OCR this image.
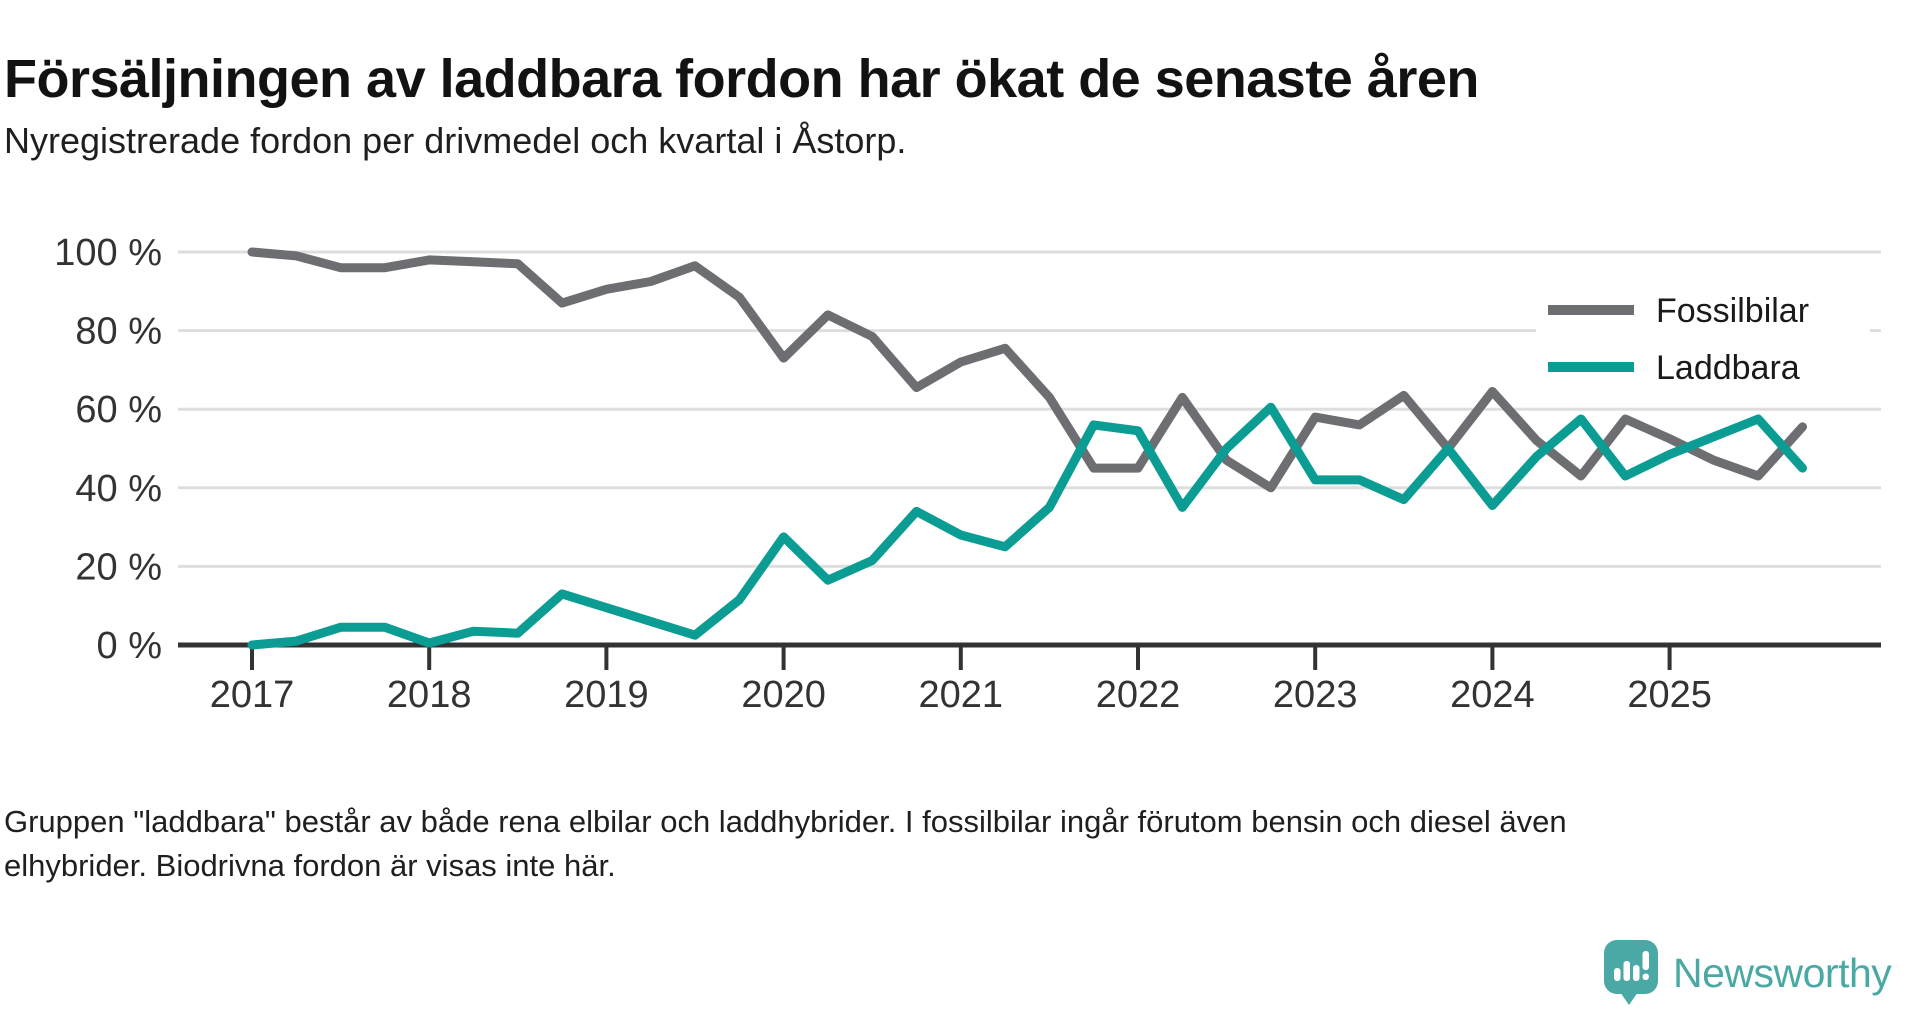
0 %
20 %
40 %
60 %
80 %
100 %
2017 2018 2019 2020 2021 2022 2023 2024 2025
Fossilbilar
Laddbara
Försäljningen av laddbara fordon har ökat de senaste åren
Nyregistrerade fordon per drivmedel och kvartal i Åstorp.
Gruppen "laddbara" består av både rena elbilar och laddhybrider. I fossilbilar ingår förutom bensin och diesel även
elhybrider. Biodrivna fordon är visas inte här.
Newsworthy
